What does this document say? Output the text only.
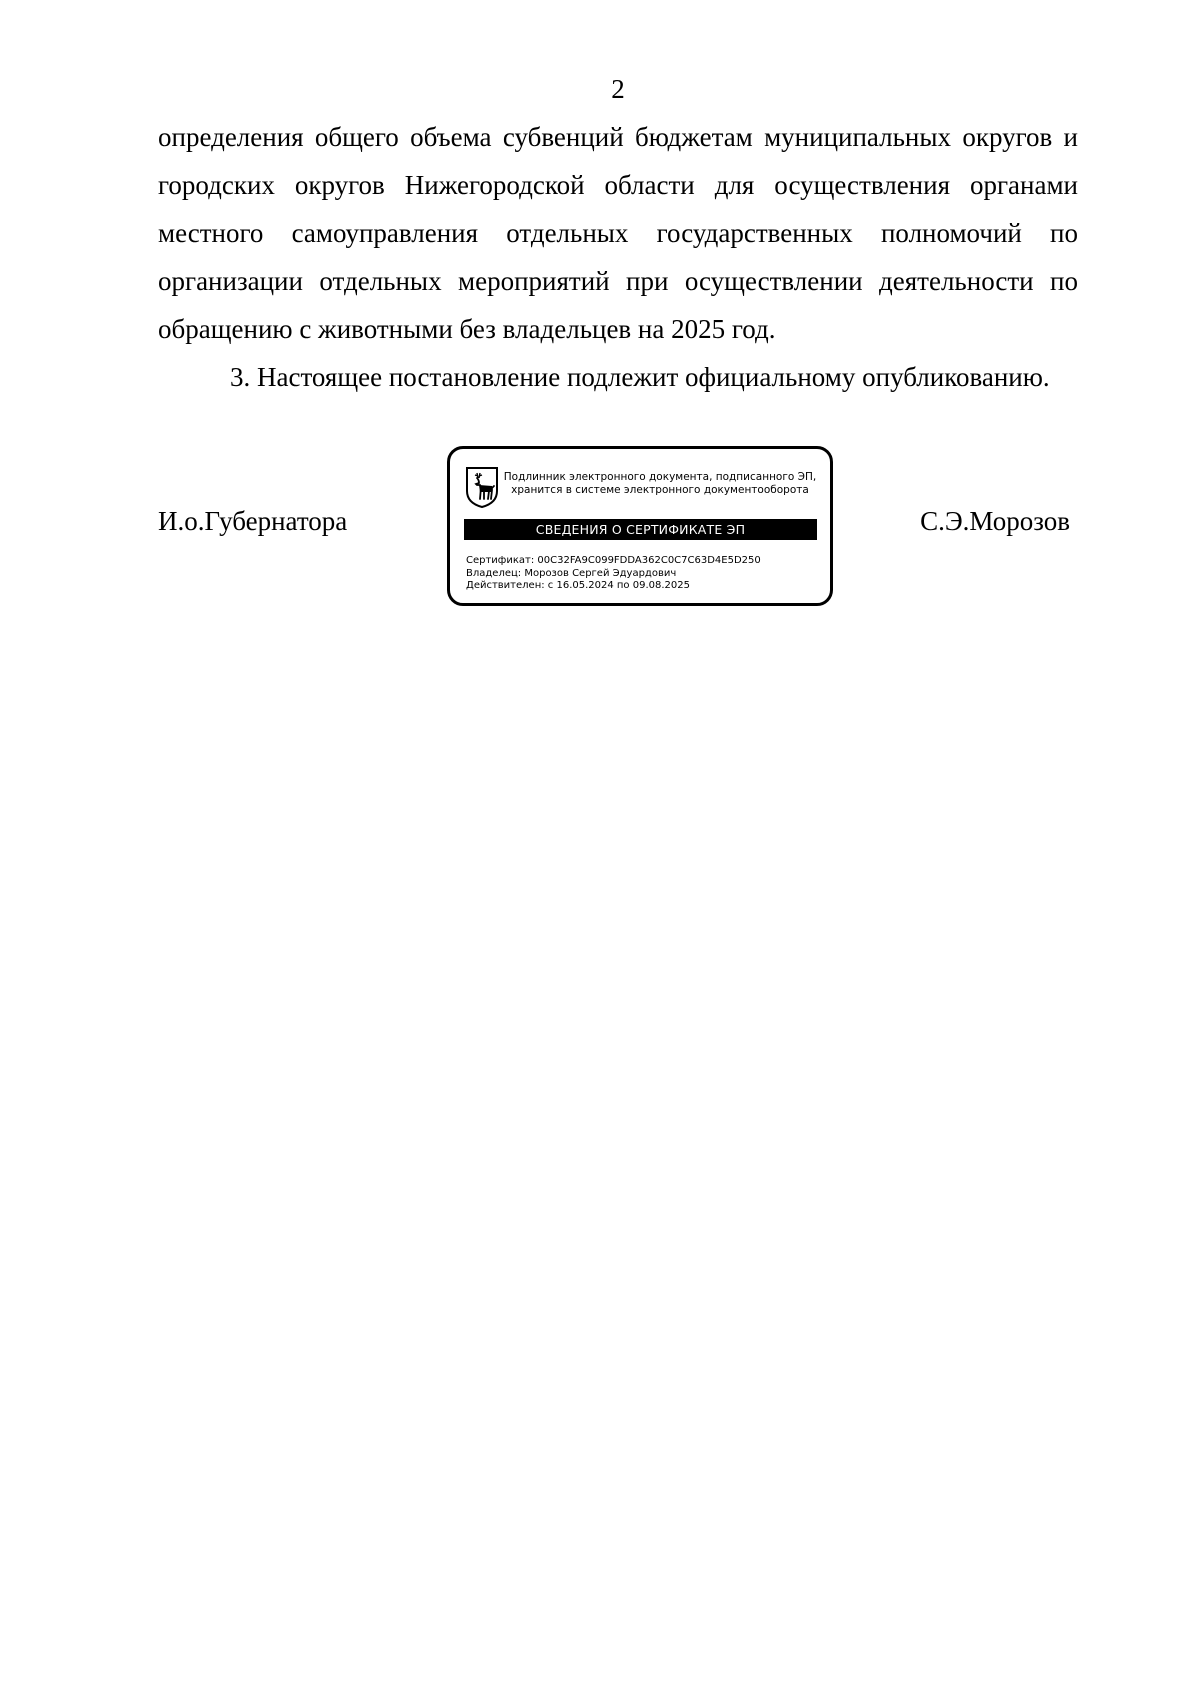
2

определения общего объема субвенций бюджетам муниципальных округов и городских округов Нижегородской области для осуществления органами местного самоуправления отдельных государственных полномочий по организации отдельных мероприятий при осуществлении деятельности по обращению с животными без владельцев на 2025 год.

3. Настоящее постановление подлежит официальному опубликованию.

И.о.Губернатора
Подлинник электронного документа, подписанного ЭП,
хранится в системе электронного документооборота
СВЕДЕНИЯ О СЕРТИФИКАТЕ ЭП
Сертификат: 00C32FA9C099FDDA362C0C7C63D4E5D250
Владелец: Морозов Сергей Эдуардович
Действителен: с 16.05.2024 по 09.08.2025
С.Э.Морозов
